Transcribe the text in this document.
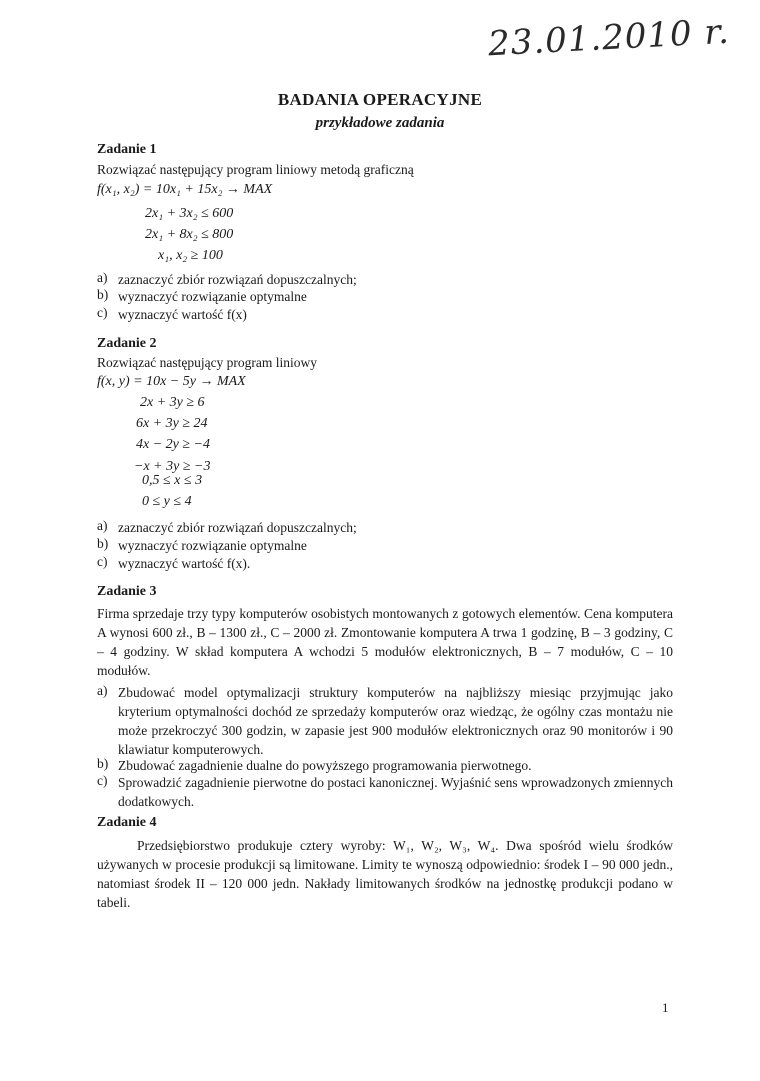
23.01.2010 r.
BADANIA OPERACYJNE
przykładowe zadania
Zadanie 1
Rozwiązać następujący program liniowy metodą graficzną
f(x₁, x₂) = 10x₁ + 15x₂ → MAX
2x₁ + 3x₂ ≤ 600
2x₁ + 8x₂ ≤ 800
x₁, x₂ ≥ 100
a) zaznaczyć zbiór rozwiązań dopuszczalnych;
b) wyznaczyć rozwiązanie optymalne
c) wyznaczyć wartość f(x)
Zadanie 2
Rozwiązać następujący program liniowy
f(x, y) = 10x − 5y → MAX
2x + 3y ≥ 6
6x + 3y ≥ 24
4x − 2y ≥ −4
−x + 3y ≥ −3
0,5 ≤ x ≤ 3
0 ≤ y ≤ 4
a) zaznaczyć zbiór rozwiązań dopuszczalnych;
b) wyznaczyć rozwiązanie optymalne
c) wyznaczyć wartość f(x).
Zadanie 3
Firma sprzedaje trzy typy komputerów osobistych montowanych z gotowych elementów. Cena komputera A wynosi 600 zł., B – 1300 zł., C – 2000 zł. Zmontowanie komputera A trwa 1 godzinę, B – 3 godziny, C – 4 godziny. W skład komputera A wchodzi 5 modułów elektronicznych, B – 7 modułów, C – 10 modułów.
a) Zbudować model optymalizacji struktury komputerów na najbliższy miesiąc przyjmując jako kryterium optymalności dochód ze sprzedaży komputerów oraz wiedząc, że ogólny czas montażu nie może przekroczyć 300 godzin, w zapasie jest 900 modułów elektronicznych oraz 90 monitorów i 90 klawiatur komputerowych.
b) Zbudować zagadnienie dualne do powyższego programowania pierwotnego.
c) Sprowadzić zagadnienie pierwotne do postaci kanonicznej. Wyjaśnić sens wprowadzonych zmiennych dodatkowych.
Zadanie 4
Przedsiębiorstwo produkuje cztery wyroby: W₁, W₂, W₃, W₄. Dwa spośród wielu środków używanych w procesie produkcji są limitowane. Limity te wynoszą odpowiednio: środek I – 90 000 jedn., natomiast środek II – 120 000 jedn. Nakłady limitowanych środków na jednostkę produkcji podano w tabeli.
1
